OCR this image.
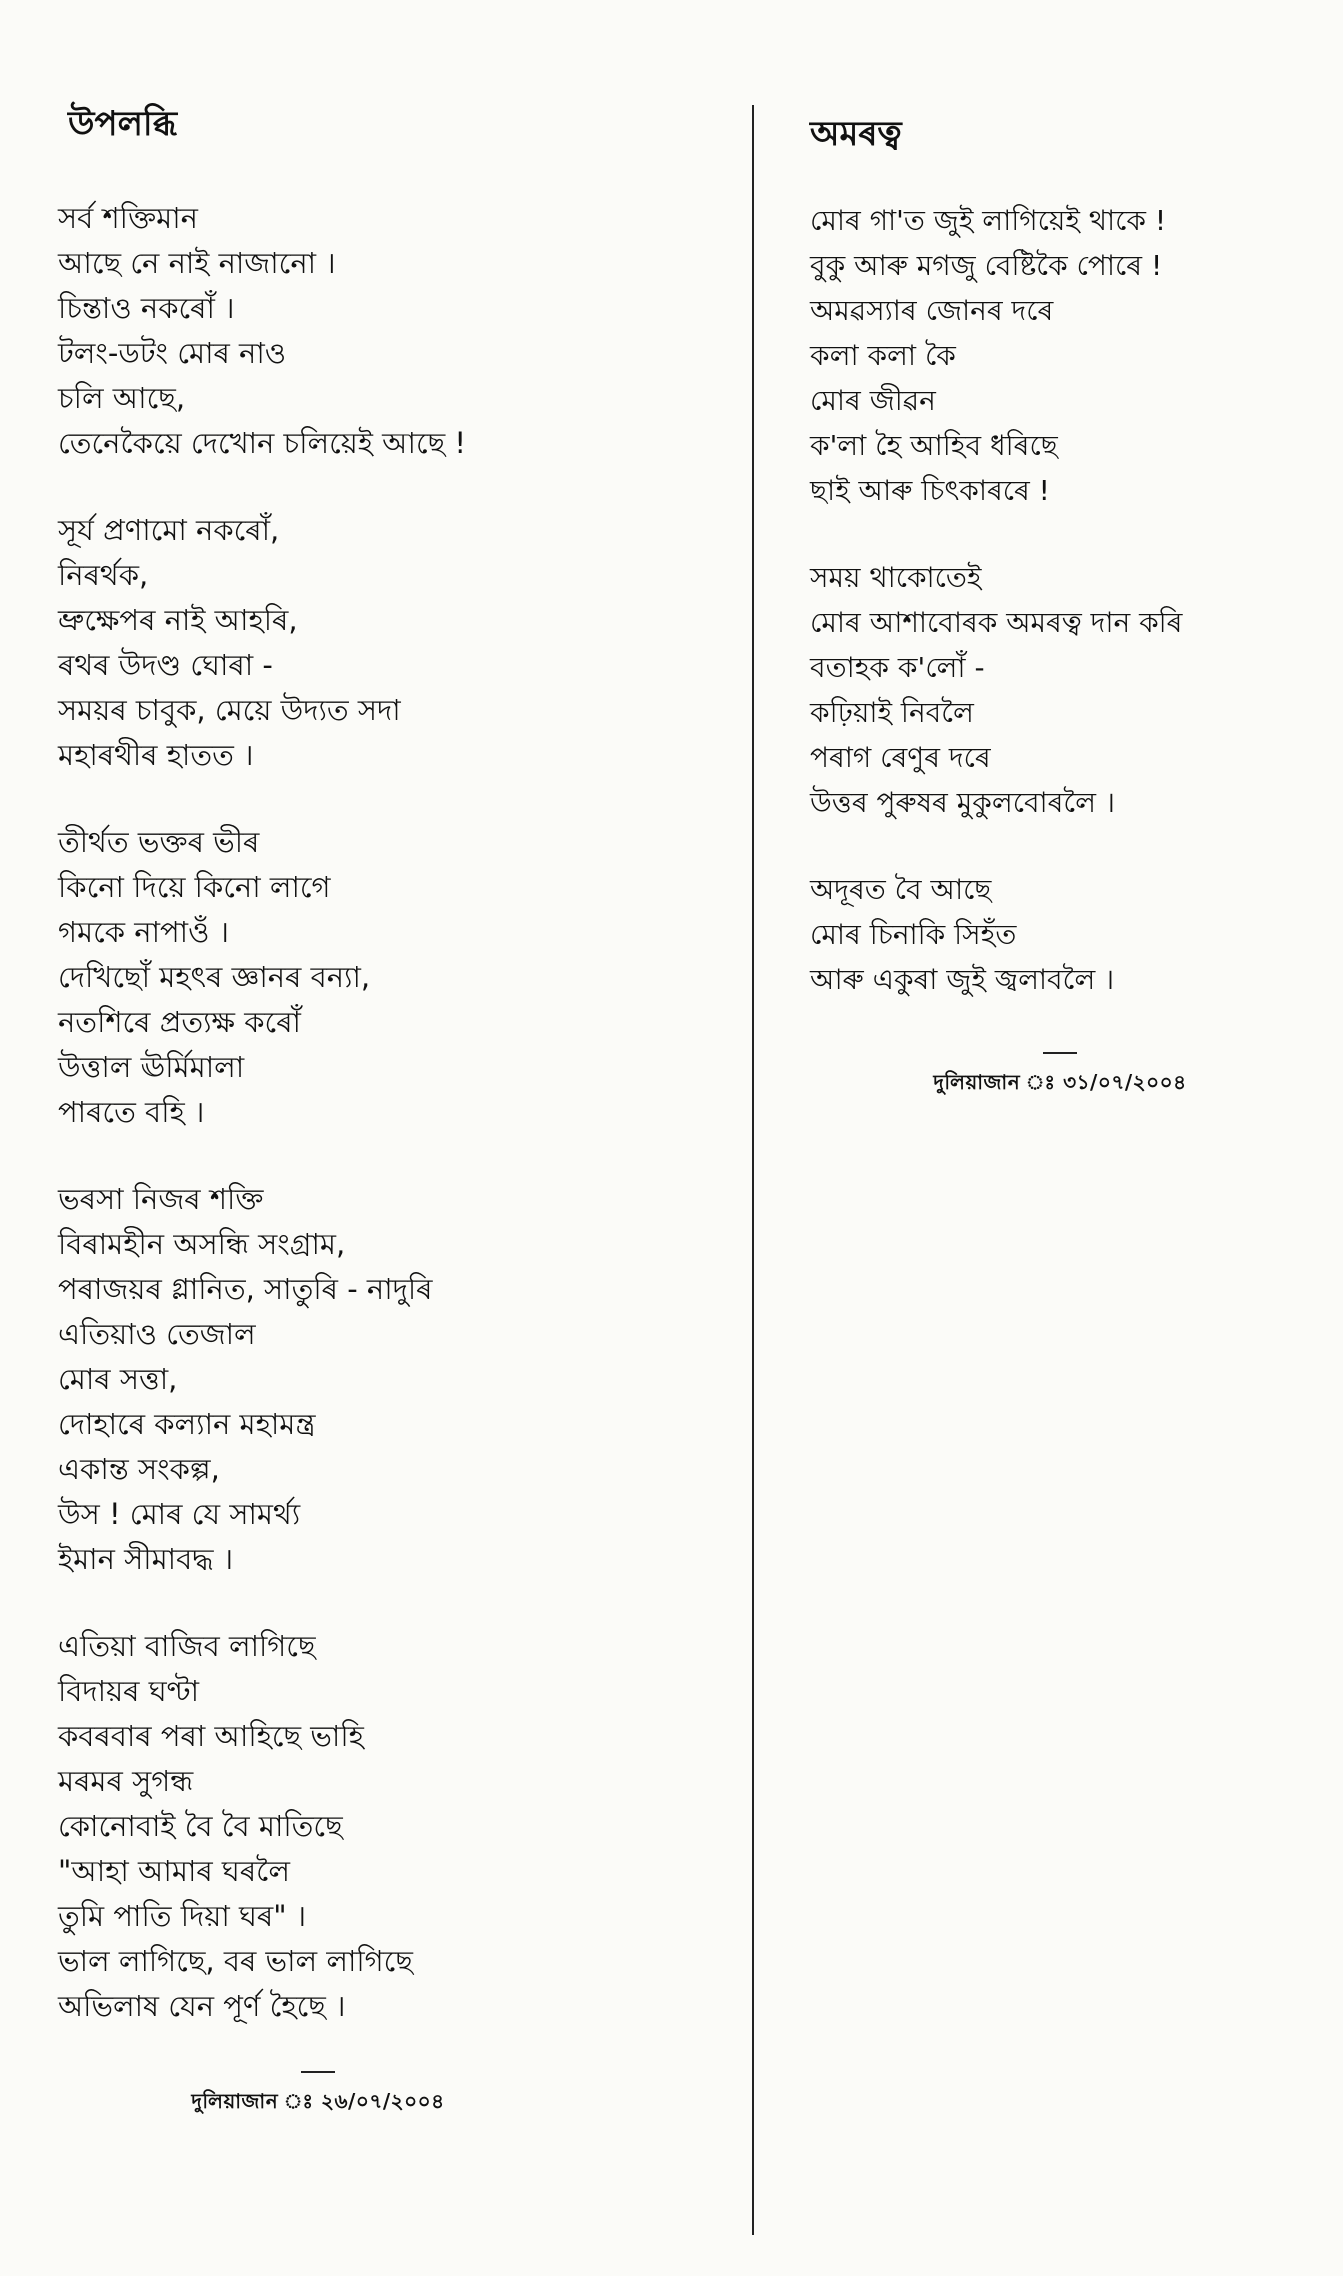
উপলব্ধি
সৰ্ব শক্তিমান
আছে নে নাই নাজানো ।
চিন্তাও নকৰোঁ ।
টলং-ডটং মোৰ নাও
চলি আছে,
তেনেকৈয়ে দেখোন চলিয়েই আছে !
সূৰ্য প্ৰণামো নকৰোঁ,
নিৰৰ্থক,
ভ্ৰুক্ষেপৰ নাই আহৰি,
ৰথৰ উদণ্ড ঘোৰা -
সময়ৰ চাবুক, মেয়ে উদ্যত সদা
মহাৰথীৰ হাতত ।
তীৰ্থত ভক্তৰ ভীৰ
কিনো দিয়ে কিনো লাগে
গমকে নাপাওঁ ।
দেখিছোঁ মহৎৰ জ্ঞানৰ বন্যা,
নতশিৰে প্ৰত্যক্ষ কৰোঁ
উত্তাল ঊৰ্মিমালা
পাৰতে বহি ।
ভৰসা নিজৰ শক্তি
বিৰামহীন অসন্ধি সংগ্ৰাম,
পৰাজয়ৰ গ্লানিত, সাতুৰি - নাদুৰি
এতিয়াও তেজাল
মোৰ সত্তা,
দোহাৰে কল্যান মহামন্ত্ৰ
একান্ত সংকল্প,
উস ! মোৰ যে সামৰ্থ্য
ইমান সীমাবদ্ধ ।
এতিয়া বাজিব লাগিছে
বিদায়ৰ ঘণ্টা
কবৰবাৰ পৰা আহিছে ভাহি
মৰমৰ সুগন্ধ
কোনোবাই বৈ বৈ মাতিছে
"আহা আমাৰ ঘৰলৈ
তুমি পাতি দিয়া ঘৰ" ।
ভাল লাগিছে, বৰ ভাল লাগিছে
অভিলাষ যেন পূৰ্ণ হৈছে ।
দুলিয়াজান ঃ ২৬/০৭/২০০৪
অমৰত্ব
মোৰ গা'ত জুই লাগিয়েই থাকে !
বুকু আৰু মগজু বেষ্টিকৈ পোৰে !
অমৱস্যাৰ জোনৰ দৰে
কলা কলা কৈ
মোৰ জীৱন
ক'লা হৈ আহিব ধৰিছে
ছাই আৰু চিৎকাৰৰে !
সময় থাকোতেই
মোৰ আশাবোৰক অমৰত্ব দান কৰি
বতাহক ক'লোঁ -
কঢ়িয়াই নিবলৈ
পৰাগ ৰেণুৰ দৰে
উত্তৰ পুৰুষৰ মুকুলবোৰলৈ ।
অদূৰত বৈ আছে
মোৰ চিনাকি সিহঁত
আৰু একুৰা জুই জ্বলাবলৈ ।
দুলিয়াজান ঃ ৩১/০৭/২০০৪
